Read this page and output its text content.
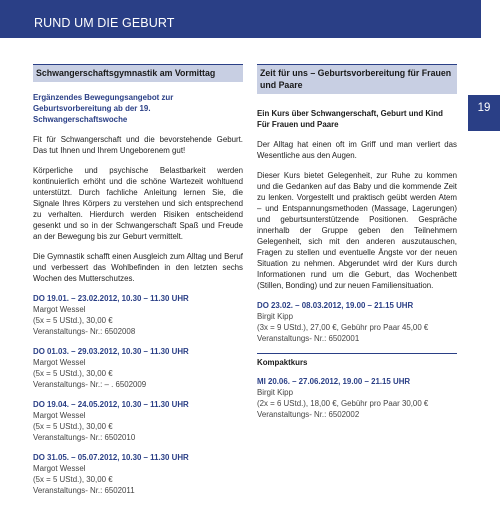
RUND UM DIE GEBURT
19
Schwangerschaftsgymnastik am Vormittag
Ergänzendes Bewegungsangebot zur Geburtsvorbereitung ab der 19. Schwangerschaftswoche

Fit für Schwangerschaft und die bevorstehende Geburt. Das tut Ihnen und Ihrem Ungeborenem gut!

Körperliche und psychische Belastbarkeit werden kontinuierlich erhöht und die schöne Wartezeit wohltuend unterstützt. Durch fachliche Anleitung lernen Sie, die Signale Ihres Körpers zu verstehen und sich entsprechend zu verhalten. Hierdurch werden Risiken entscheidend gesenkt und so in der Schwangerschaft Spaß und Freude an der Bewegung bis zur Geburt vermittelt.

Die Gymnastik schafft einen Ausgleich zum Alltag und Beruf und verbessert das Wohlbefinden in den letzten sechs Wochen des Mutterschutzes.

DO 19.01. – 23.02.2012, 10.30 – 11.30 UHR
Margot Wessel
(5x = 5 UStd.), 30,00 €
Veranstaltungs- Nr.: 6502008
DO 01.03. – 29.03.2012, 10.30 – 11.30 UHR
Margot Wessel
(5x = 5 UStd.), 30,00 €
Veranstaltungs- Nr.: – . 6502009
DO 19.04. – 24.05.2012, 10.30 – 11.30 UHR
Margot Wessel
(5x = 5 UStd.), 30,00 €
Veranstaltungs- Nr.: 6502010
DO 31.05. – 05.07.2012, 10.30 – 11.30 UHR
Margot Wessel
(5x = 5 UStd.), 30,00 €
Veranstaltungs- Nr.: 6502011
Zeit für uns – Geburtsvorbereitung für Frauen und Paare
Ein Kurs über Schwangerschaft, Geburt und Kind Für Frauen und Paare

Der Alltag hat einen oft im Griff und man verliert das Wesentliche aus den Augen.

Dieser Kurs bietet Gelegenheit, zur Ruhe zu kommen und die Gedanken auf das Baby und die kommende Zeit zu lenken. Vorgestellt und praktisch geübt werden Atem – und Entspannungsmethoden (Massage, Lagerungen) und geburtsunterstützende Positionen. Gespräche innerhalb der Gruppe geben den Teilnehmern Gelegenheit, sich mit den anderen auszutauschen, Fragen zu stellen und eventuelle Ängste vor der neuen Situation zu nehmen. Abgerundet wird der Kurs durch Informationen rund um die Geburt, das Wochenbett (Stillen, Bonding) und zur neuen Familiensituation.

DO 23.02. – 08.03.2012, 19.00 – 21.15 UHR
Birgit Kipp
(3x = 9 UStd.), 27,00 €, Gebühr pro Paar 45,00 €
Veranstaltungs- Nr.: 6502001
Kompaktkurs
MI 20.06. – 27.06.2012, 19.00 – 21.15 UHR
Birgit Kipp
(2x = 6 UStd.), 18,00 €, Gebühr pro Paar 30,00 €
Veranstaltungs- Nr.: 6502002
